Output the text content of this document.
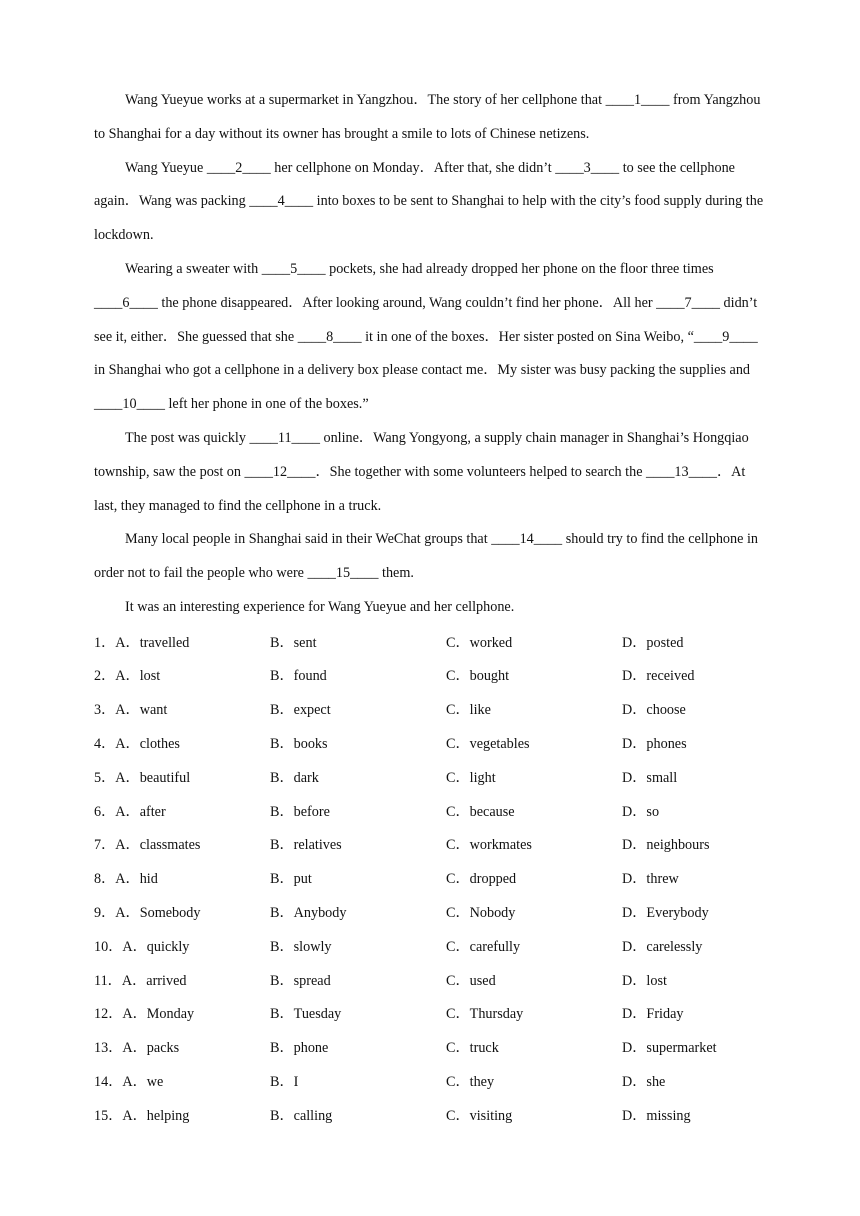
Wang Yueyue works at a supermarket in Yangzhou．The story of her cellphone that ____1____ from Yangzhou to Shanghai for a day without its owner has brought a smile to lots of Chinese netizens.

Wang Yueyue ____2____ her cellphone on Monday．After that, she didn’t ____3____ to see the cellphone again．Wang was packing ____4____ into boxes to be sent to Shanghai to help with the city’s food supply during the lockdown.

Wearing a sweater with ____5____ pockets, she had already dropped her phone on the floor three times ____6____ the phone disappeared．After looking around, Wang couldn’t find her phone．All her ____7____ didn’t see it, either．She guessed that she ____8____ it in one of the boxes．Her sister posted on Sina Weibo, “____9____ in Shanghai who got a cellphone in a delivery box please contact me．My sister was busy packing the supplies and ____10____ left her phone in one of the boxes.”

The post was quickly ____11____ online．Wang Yongyong, a supply chain manager in Shanghai’s Hongqiao township, saw the post on ____12____．She together with some volunteers helped to search the ____13____．At last, they managed to find the cellphone in a truck.

Many local people in Shanghai said in their WeChat groups that ____14____ should try to find the cellphone in order not to fail the people who were ____15____ them.

It was an interesting experience for Wang Yueyue and her cellphone.

1．A．travelled	B．sent	C．worked	D．posted
2．A．lost	B．found	C．bought	D．received
3．A．want	B．expect	C．like	D．choose
4．A．clothes	B．books	C．vegetables	D．phones
5．A．beautiful	B．dark	C．light	D．small
6．A．after	B．before	C．because	D．so
7．A．classmates	B．relatives	C．workmates	D．neighbours
8．A．hid	B．put	C．dropped	D．threw
9．A．Somebody	B．Anybody	C．Nobody	D．Everybody
10．A．quickly	B．slowly	C．carefully	D．carelessly
11．A．arrived	B．spread	C．used	D．lost
12．A．Monday	B．Tuesday	C．Thursday	D．Friday
13．A．packs	B．phone	C．truck	D．supermarket
14．A．we	B．I	C．they	D．she
15．A．helping	B．calling	C．visiting	D．missing
